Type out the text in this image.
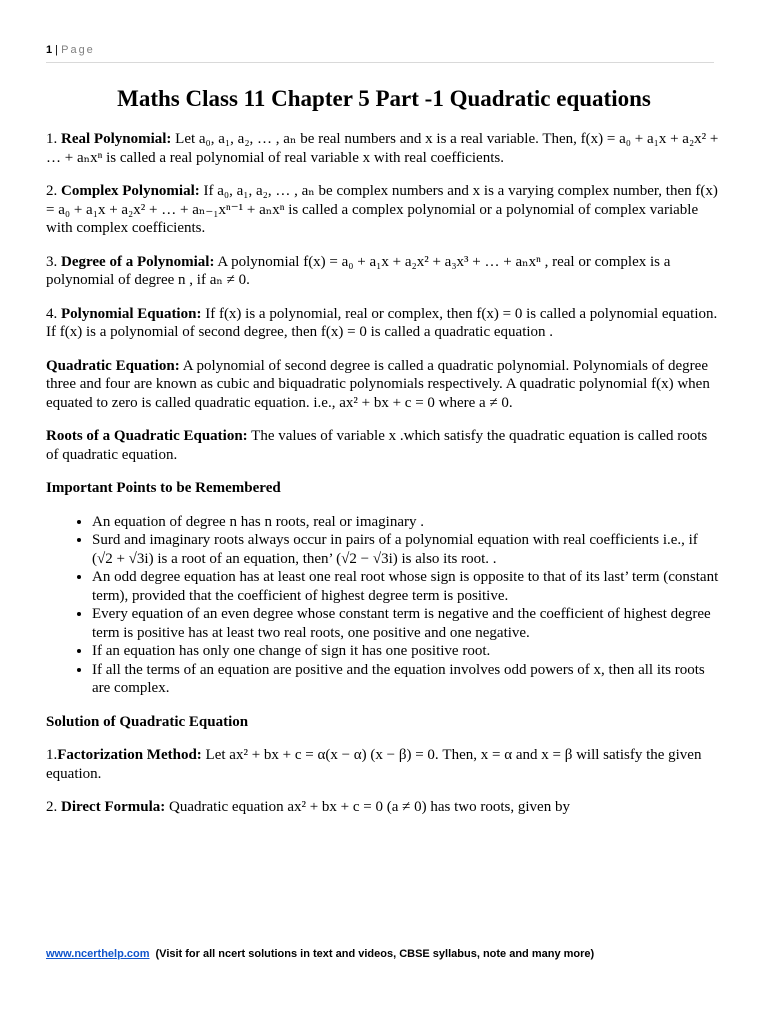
1 | Page
Maths Class 11 Chapter 5 Part -1 Quadratic equations

1. Real Polynomial: Let a₀, a₁, a₂, … , aₙ be real numbers and x is a real variable. Then, f(x) = a₀ + a₁x + a₂x² + … + aₙxⁿ is called a real polynomial of real variable x with real coefficients.

2. Complex Polynomial: If a₀, a₁, a₂, … , aₙ be complex numbers and x is a varying complex number, then f(x) = a₀ + a₁x + a₂x² + … + aₙ₋₁xⁿ⁻¹ + aₙxⁿ is called a complex polynomial or a polynomial of complex variable with complex coefficients.

3. Degree of a Polynomial: A polynomial f(x) = a₀ + a₁x + a₂x² + a₃x³ + … + aₙxⁿ , real or complex is a polynomial of degree n , if aₙ ≠ 0.

4. Polynomial Equation: If f(x) is a polynomial, real or complex, then f(x) = 0 is called a polynomial equation. If f(x) is a polynomial of second degree, then f(x) = 0 is called a quadratic equation .

Quadratic Equation: A polynomial of second degree is called a quadratic polynomial. Polynomials of degree three and four are known as cubic and biquadratic polynomials respectively. A quadratic polynomial f(x) when equated to zero is called quadratic equation. i.e., ax² + bx + c = 0 where a ≠ 0.

Roots of a Quadratic Equation: The values of variable x .which satisfy the quadratic equation is called roots of quadratic equation.

Important Points to be Remembered
• An equation of degree n has n roots, real or imaginary .
• Surd and imaginary roots always occur in pairs of a polynomial equation with real coefficients i.e., if (√2 + √3i) is a root of an equation, then’ (√2 − √3i) is also its root. .
• An odd degree equation has at least one real root whose sign is opposite to that of its last’ term (constant term), provided that the coefficient of highest degree term is positive.
• Every equation of an even degree whose constant term is negative and the coefficient of highest degree term is positive has at least two real roots, one positive and one negative.
• If an equation has only one change of sign it has one positive root.
• If all the terms of an equation are positive and the equation involves odd powers of x, then all its roots are complex.
Solution of Quadratic Equation

1.Factorization Method: Let ax² + bx + c = α(x − α) (x − β) = 0. Then, x = α and x = β will satisfy the given equation.

2. Direct Formula: Quadratic equation ax² + bx + c = 0 (a ≠ 0) has two roots, given by

www.ncerthelp.com (Visit for all ncert solutions in text and videos, CBSE syllabus, note and many more)
